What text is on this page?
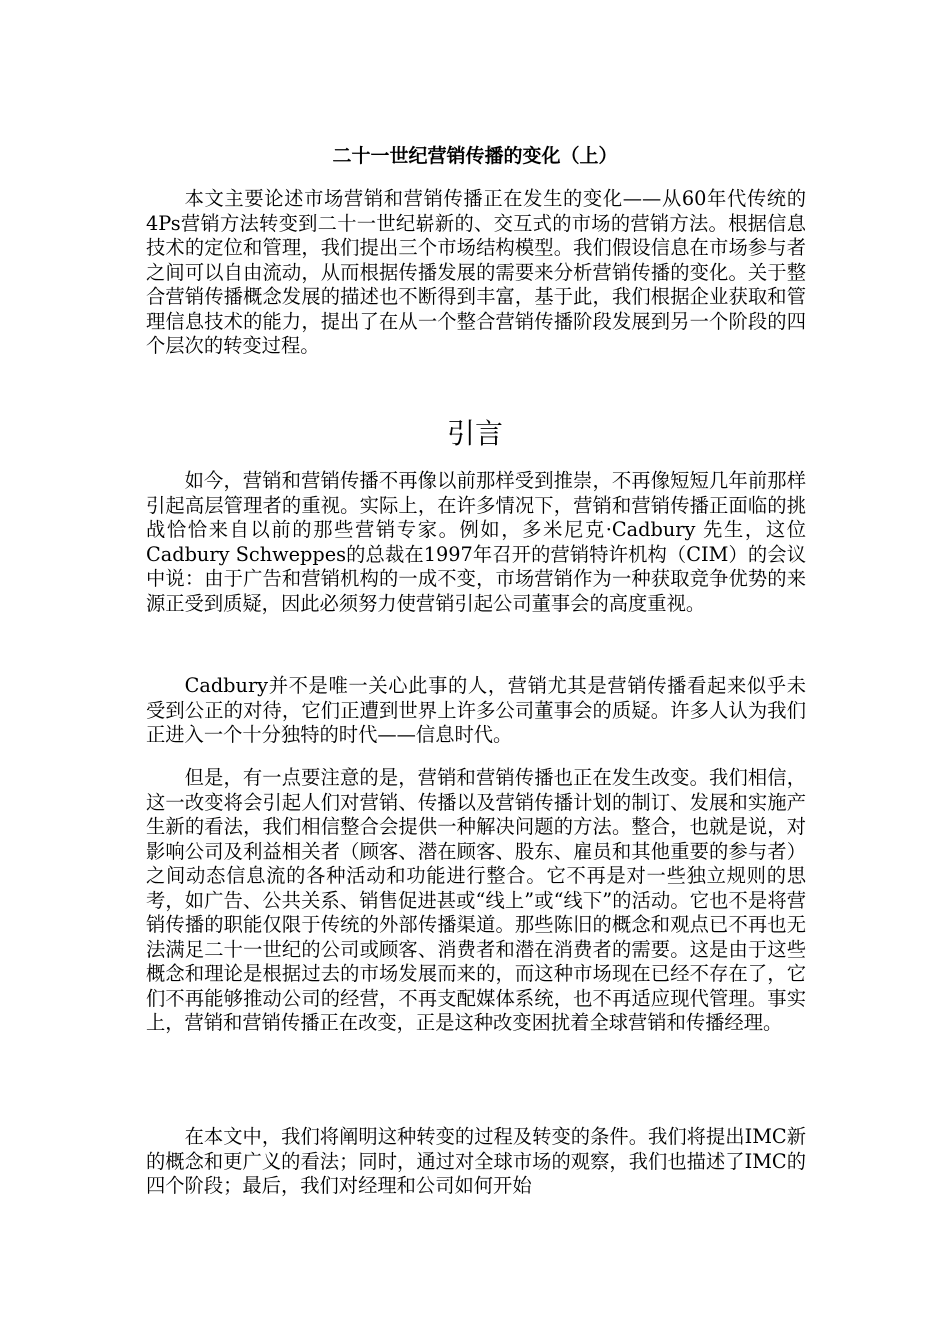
二十一世纪营销传播的变化（上）

本文主要论述市场营销和营销传播正在发生的变化——从60年代传统的4Ps营销方法转变到二十一世纪崭新的、交互式的市场的营销方法。根据信息技术的定位和管理，我们提出三个市场结构模型。我们假设信息在市场参与者之间可以自由流动，从而根据传播发展的需要来分析营销传播的变化。关于整合营销传播概念发展的描述也不断得到丰富，基于此，我们根据企业获取和管理信息技术的能力，提出了在从一个整合营销传播阶段发展到另一个阶段的四个层次的转变过程。

引言

如今，营销和营销传播不再像以前那样受到推崇，不再像短短几年前那样引起高层管理者的重视。实际上，在许多情况下，营销和营销传播正面临的挑战恰恰来自以前的那些营销专家。例如，多米尼克·Cadbury 先生，这位Cadbury Schweppes的总裁在1997年召开的营销特许机构（CIM）的会议中说：由于广告和营销机构的一成不变，市场营销作为一种获取竞争优势的来源正受到质疑，因此必须努力使营销引起公司董事会的高度重视。

Cadbury并不是唯一关心此事的人，营销尤其是营销传播看起来似乎未受到公正的对待，它们正遭到世界上许多公司董事会的质疑。许多人认为我们正进入一个十分独特的时代——信息时代。

但是，有一点要注意的是，营销和营销传播也正在发生改变。我们相信，这一改变将会引起人们对营销、传播以及营销传播计划的制订、发展和实施产生新的看法，我们相信整合会提供一种解决问题的方法。整合，也就是说，对影响公司及利益相关者（顾客、潜在顾客、股东、雇员和其他重要的参与者）之间动态信息流的各种活动和功能进行整合。它不再是对一些独立规则的思考，如广告、公共关系、销售促进甚或“线上”或“线下”的活动。它也不是将营销传播的职能仅限于传统的外部传播渠道。那些陈旧的概念和观点已不再也无法满足二十一世纪的公司或顾客、消费者和潜在消费者的需要。这是由于这些概念和理论是根据过去的市场发展而来的，而这种市场现在已经不存在了，它们不再能够推动公司的经营，不再支配媒体系统，也不再适应现代管理。事实上，营销和营销传播正在改变，正是这种改变困扰着全球营销和传播经理。

在本文中，我们将阐明这种转变的过程及转变的条件。我们将提出IMC新的概念和更广义的看法；同时，通过对全球市场的观察，我们也描述了IMC的四个阶段；最后，我们对经理和公司如何开始
